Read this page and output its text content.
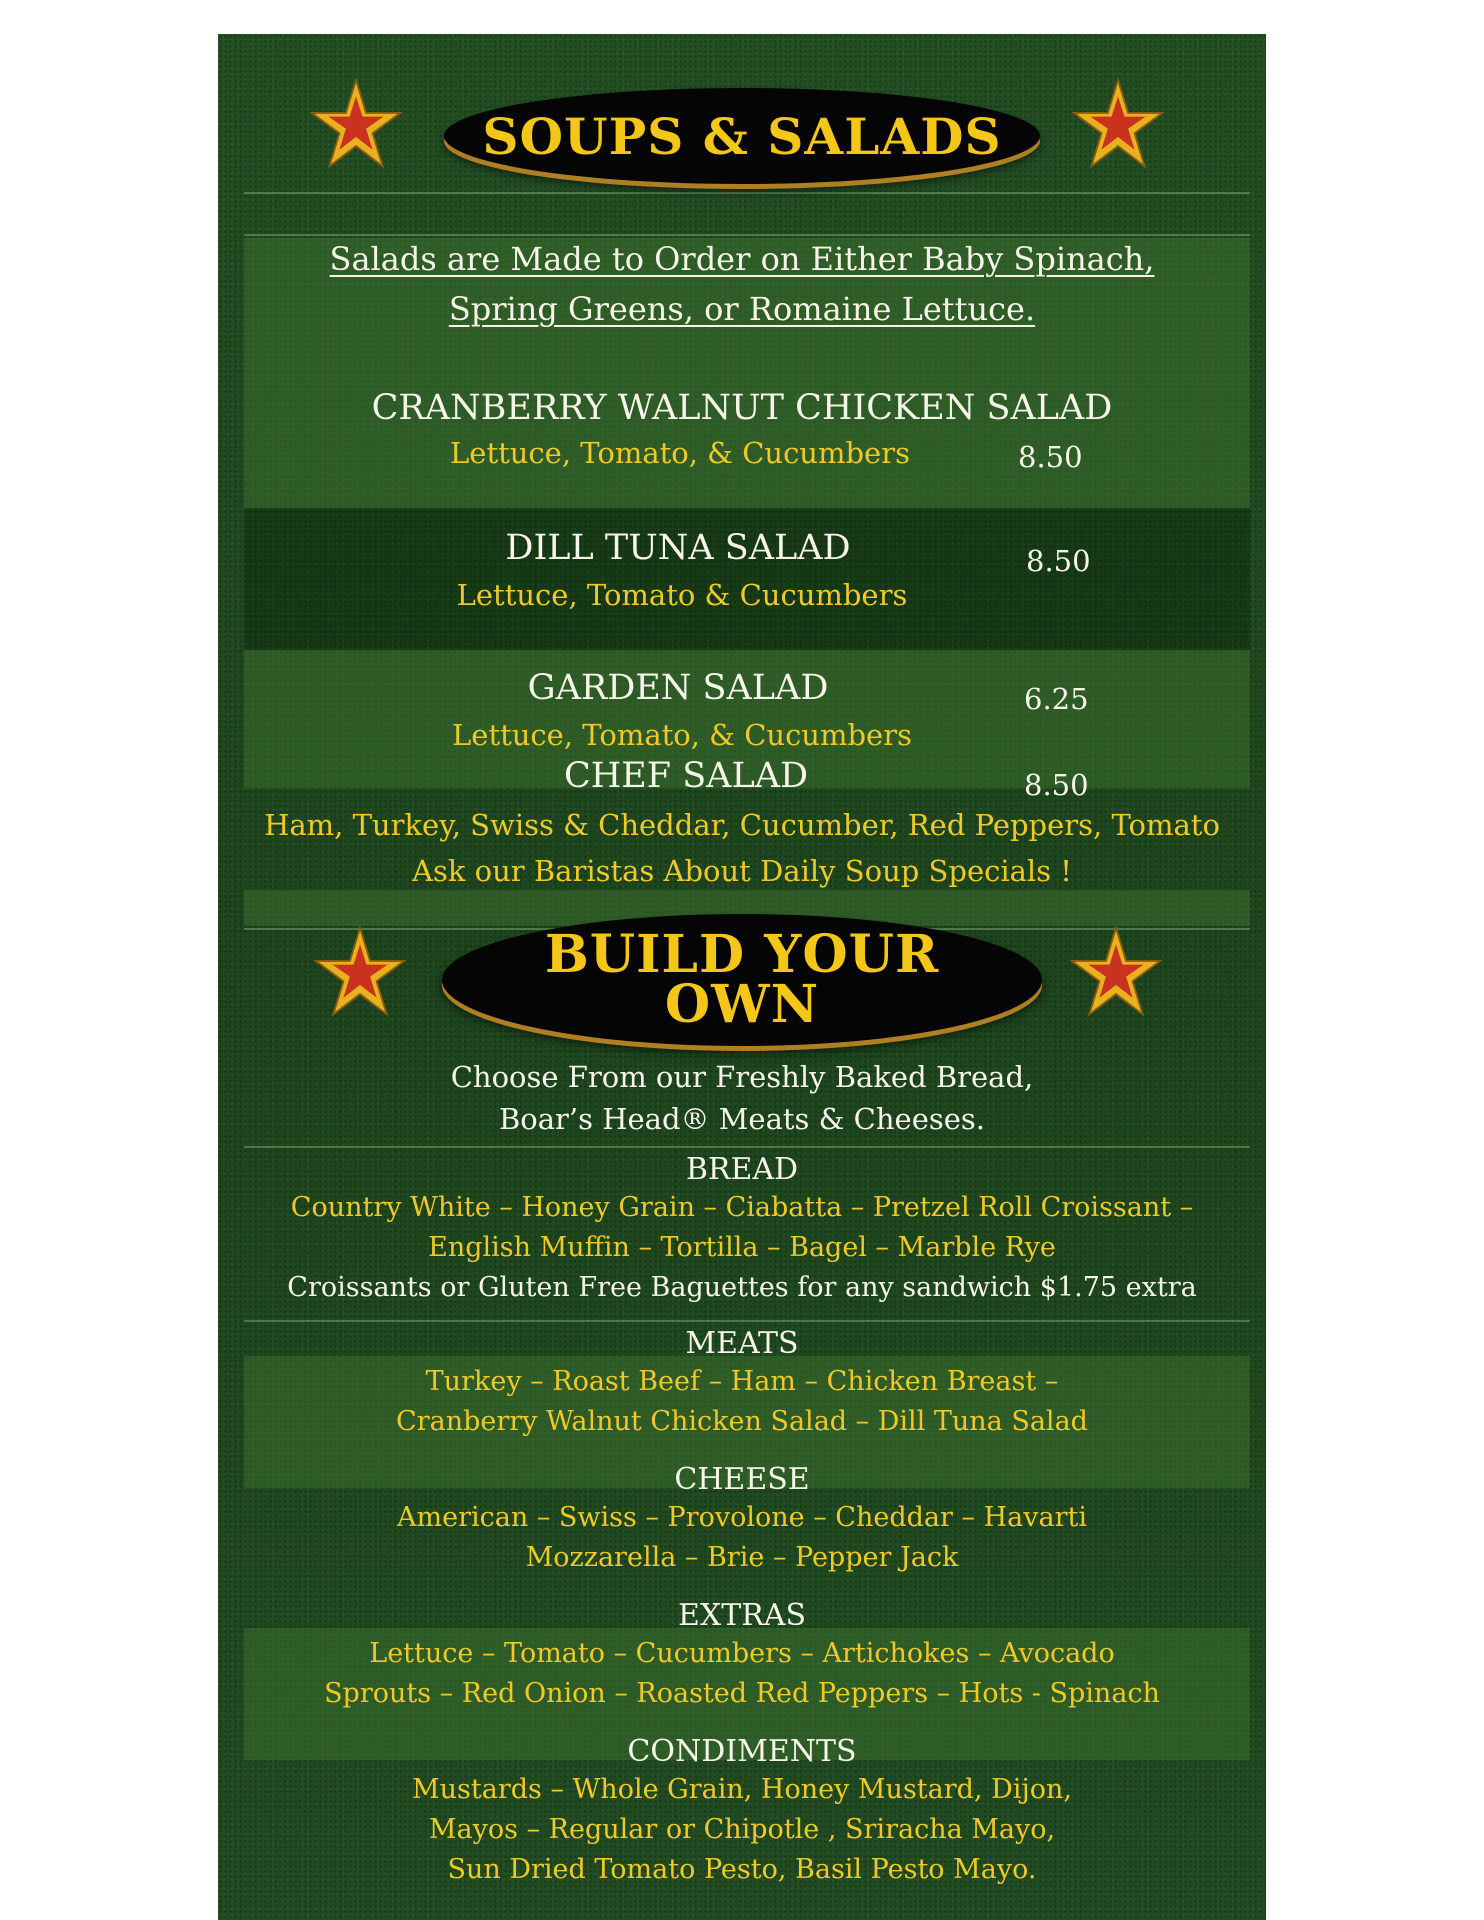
SOUPS & SALADS
Salads are Made to Order on Either Baby Spinach,
Spring Greens, or Romaine Lettuce.
CRANBERRY WALNUT CHICKEN SALAD
Lettuce, Tomato, & Cucumbers	8.50
DILL TUNA SALAD
Lettuce, Tomato & Cucumbers
8.50
GARDEN SALAD
Lettuce, Tomato, & Cucumbers
6.25
CHEF SALAD	8.50
Ham, Turkey, Swiss & Cheddar, Cucumber, Red Peppers, Tomato
Ask our Baristas About Daily Soup Specials !
BUILD YOUR
OWN
Choose From our Freshly Baked Bread,
Boar’s Head® Meats & Cheeses.
BREAD
Country White – Honey Grain – Ciabatta – Pretzel Roll Croissant –
English Muffin – Tortilla – Bagel – Marble Rye
Croissants or Gluten Free Baguettes for any sandwich $1.75 extra
MEATS
Turkey – Roast Beef – Ham – Chicken Breast –
Cranberry Walnut Chicken Salad – Dill Tuna Salad
CHEESE
American – Swiss – Provolone – Cheddar – Havarti
Mozzarella – Brie – Pepper Jack
EXTRAS
Lettuce – Tomato – Cucumbers – Artichokes – Avocado
Sprouts – Red Onion – Roasted Red Peppers – Hots - Spinach
CONDIMENTS
Mustards – Whole Grain, Honey Mustard, Dijon,
Mayos – Regular or Chipotle , Sriracha Mayo,
Sun Dried Tomato Pesto, Basil Pesto Mayo.
